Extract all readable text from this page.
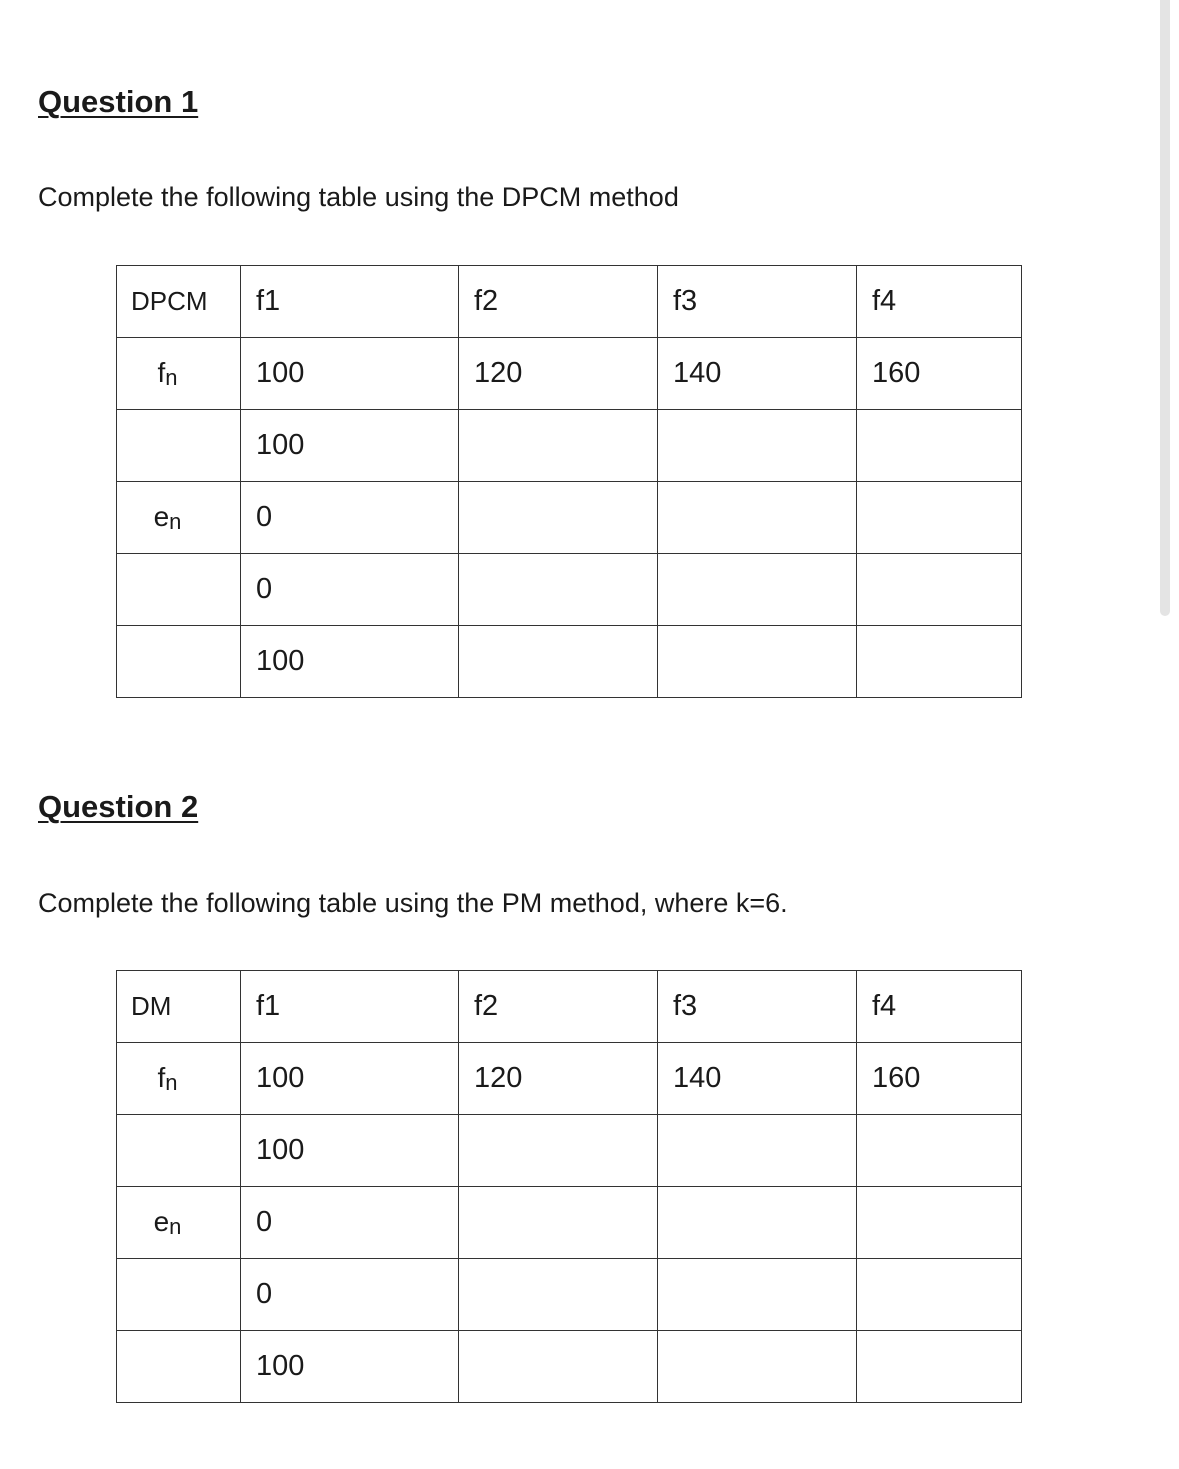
Question 1

Complete the following table using the DPCM method

DPCM	f1	f2	f3	f4
$f_n$	100	120	140	160
	100			
$e_n$	0			
	0			
	100			
Question 2

Complete the following table using the PM method, where k=6.

DM	f1	f2	f3	f4
$f_n$	100	120	140	160
	100			
$e_n$	0			
	0			
	100			
